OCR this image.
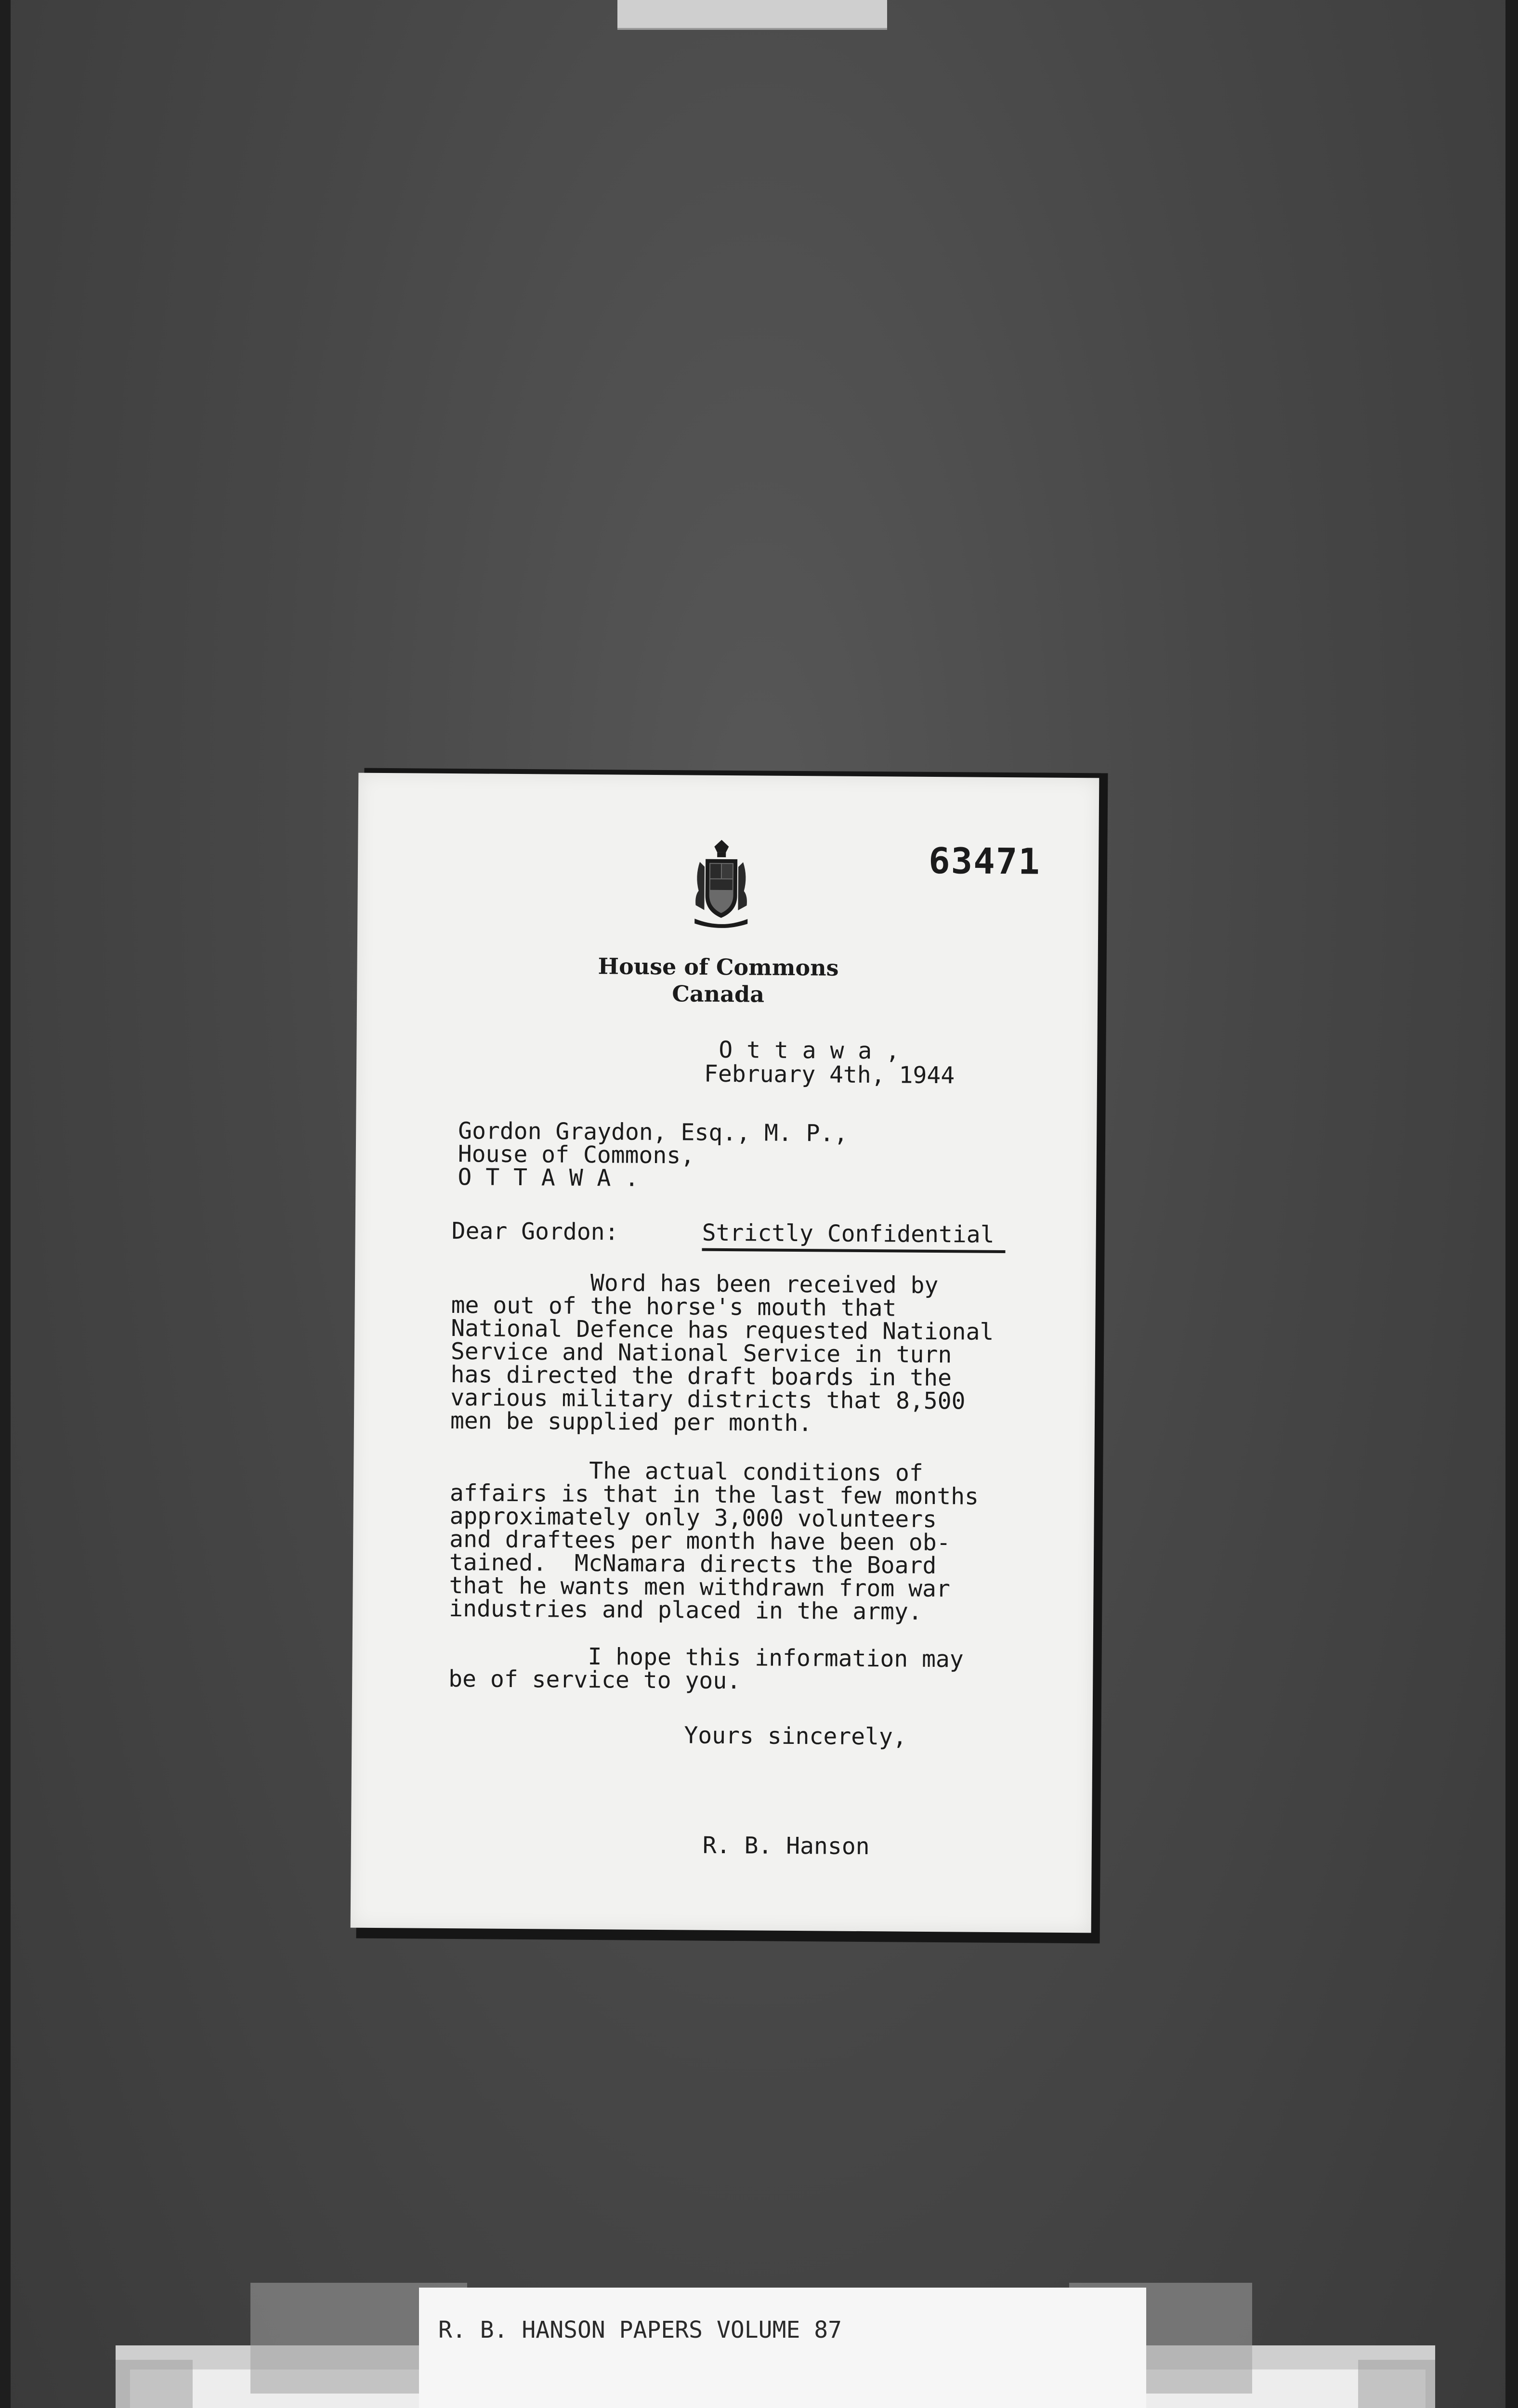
63471
House of Commons
Canada
O t t a w a ,
February 4th, 1944
Gordon Graydon, Esq., M. P.,
House of Commons,
O T T A W A .
Dear Gordon:	Strictly Confidential
Word has been received by
me out of the horse's mouth that
National Defence has requested National
Service and National Service in turn
has directed the draft boards in the
various military districts that 8,500
men be supplied per month.
The actual conditions of
affairs is that in the last few months
approximately only 3,000 volunteers
and draftees per month have been ob-
tained.  McNamara directs the Board
that he wants men withdrawn from war
industries and placed in the army.
I hope this information may
be of service to you.
Yours sincerely,
R. B. Hanson
R. B. HANSON PAPERS VOLUME 87
